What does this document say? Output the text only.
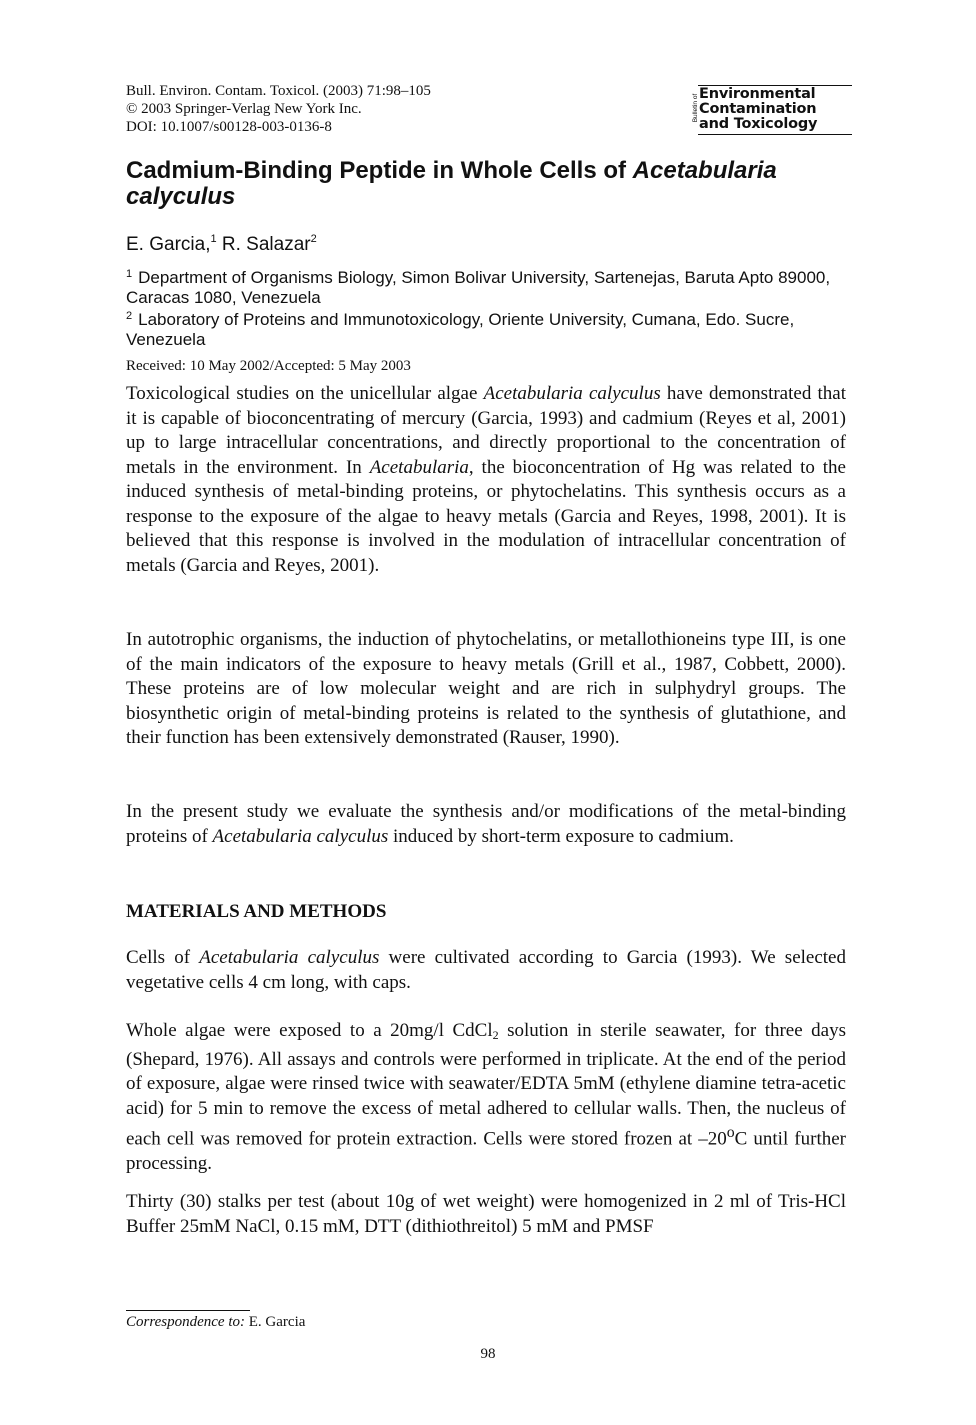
Bull. Environ. Contam. Toxicol. (2003) 71:98–105
© 2003 Springer-Verlag New York Inc.
DOI: 10.1007/s00128-003-0136-8
Bulletin of Environmental
Contamination
and Toxicology
Cadmium-Binding Peptide in Whole Cells of Acetabularia calyculus
E. Garcia,$^1$ R. Salazar$^2$
$^1$ Department of Organisms Biology, Simon Bolivar University, Sartenejas, Baruta Apto 89000, Caracas 1080, Venezuela
$^2$ Laboratory of Proteins and Immunotoxicology, Oriente University, Cumana, Edo. Sucre, Venezuela
Received: 10 May 2002/Accepted: 5 May 2003

Toxicological studies on the unicellular algae Acetabularia calyculus have demonstrated that it is capable of bioconcentrating of mercury (Garcia, 1993) and cadmium (Reyes et al, 2001) up to large intracellular concentrations, and directly proportional to the concentration of metals in the environment. In Acetabularia, the bioconcentration of Hg was related to the induced synthesis of metal-binding proteins, or phytochelatins. This synthesis occurs as a response to the exposure of the algae to heavy metals (Garcia and Reyes, 1998, 2001). It is believed that this response is involved in the modulation of intracellular concentration of metals (Garcia and Reyes, 2001).

In autotrophic organisms, the induction of phytochelatins, or metallothioneins type III, is one of the main indicators of the exposure to heavy metals (Grill et al., 1987, Cobbett, 2000). These proteins are of low molecular weight and are rich in sulphydryl groups. The biosynthetic origin of metal-binding proteins is related to the synthesis of glutathione, and their function has been extensively demonstrated (Rauser, 1990).

In the present study we evaluate the synthesis and/or modifications of the metal-binding proteins of Acetabularia calyculus induced by short-term exposure to cadmium.

MATERIALS AND METHODS

Cells of Acetabularia calyculus were cultivated according to Garcia (1993). We selected vegetative cells 4 cm long, with caps.

Whole algae were exposed to a 20mg/l CdCl$_2$ solution in sterile seawater, for three days (Shepard, 1976). All assays and controls were performed in triplicate. At the end of the period of exposure, algae were rinsed twice with seawater/EDTA 5mM (ethylene diamine tetra-acetic acid) for 5 min to remove the excess of metal adhered to cellular walls. Then, the nucleus of each cell was removed for protein extraction. Cells were stored frozen at –20$^o$C until further processing.

Thirty (30) stalks per test (about 10g of wet weight) were homogenized in 2 ml of Tris-HCl Buffer 25mM NaCl, 0.15 mM, DTT (dithiothreitol) 5 mM and PMSF

Correspondence to: E. Garcia
98
